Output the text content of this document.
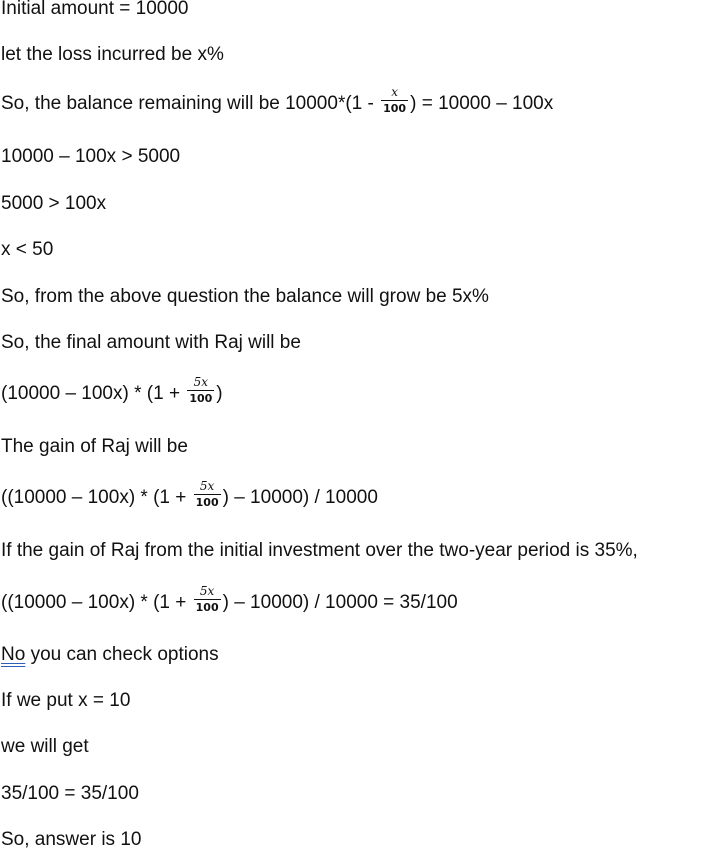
Initial amount = 10000
let the loss incurred be x%
So, the balance remaining will be $10000*(1 - \frac{x}{100}$ ) = 10000 – 100x
10000 – 100x > 5000
5000 > 100x
x < 50
So, from the above question the balance will grow be 5x%
So, the final amount with Raj will be
$(10000 - 100x) * (1 + \frac{5x}{100}$ )
The gain of Raj will be
($(10000 - 100x) * (1 + \frac{5x}{100}$ ) – 10000) / 10000
If the gain of Raj from the initial investment over the two-year period is 35%,
($(10000 - 100x) * (1 + \frac{5x}{100}$ ) – 10000) / 10000 = 35/100
No you can check options
If we put x = 10
we will get
35/100 = 35/100
So, answer is 10
